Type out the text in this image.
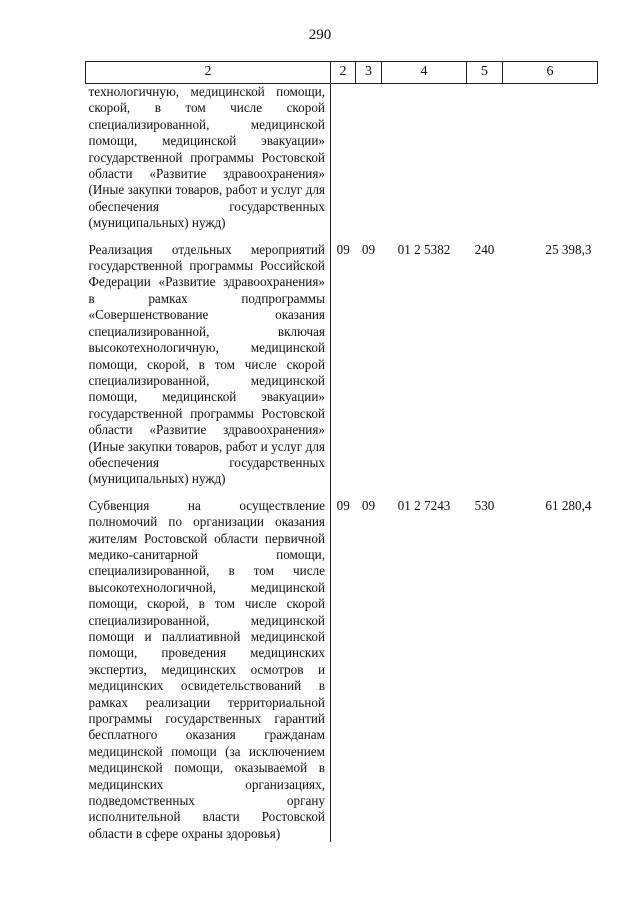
290
2	2	3	4	5	6

технологичную, медицинской помощи, скорой, в том числе скорой специализированной, медицинской помощи, медицинской эвакуации» государственной программы Ростовской области «Развитие здравоохранения» (Иные закупки товаров, работ и услуг для обеспечения государственных (муниципальных) нужд)					

Реализация отдельных мероприятий государственной программы Российской Федерации «Развитие здравоохранения» в рамках подпрограммы «Совершенствование оказания специализированной, включая высокотехнологичную, медицинской помощи, скорой, в том числе скорой специализированной, медицинской помощи, медицинской эвакуации» государственной программы Ростовской области «Развитие здравоохранения» (Иные закупки товаров, работ и услуг для обеспечения государственных (муниципальных) нужд)	09	09	01 2 5382	240	25 398,3

Субвенция на осуществление полномочий по организации оказания жителям Ростовской области первичной медико-санитарной помощи, специализированной, в том числе высокотехнологичной, медицинской помощи, скорой, в том числе скорой специализированной, медицинской помощи и паллиативной медицинской помощи, проведения медицинских экспертиз, медицинских осмотров и медицинских освидетельствований в рамках реализации территориальной программы государственных гарантий бесплатного оказания гражданам медицинской помощи (за исключением медицинской помощи, оказываемой в медицинских организациях, подведомственных органу исполнительной власти Ростовской области в сфере охраны здоровья)	09	09	01 2 7243	530	61 280,4
